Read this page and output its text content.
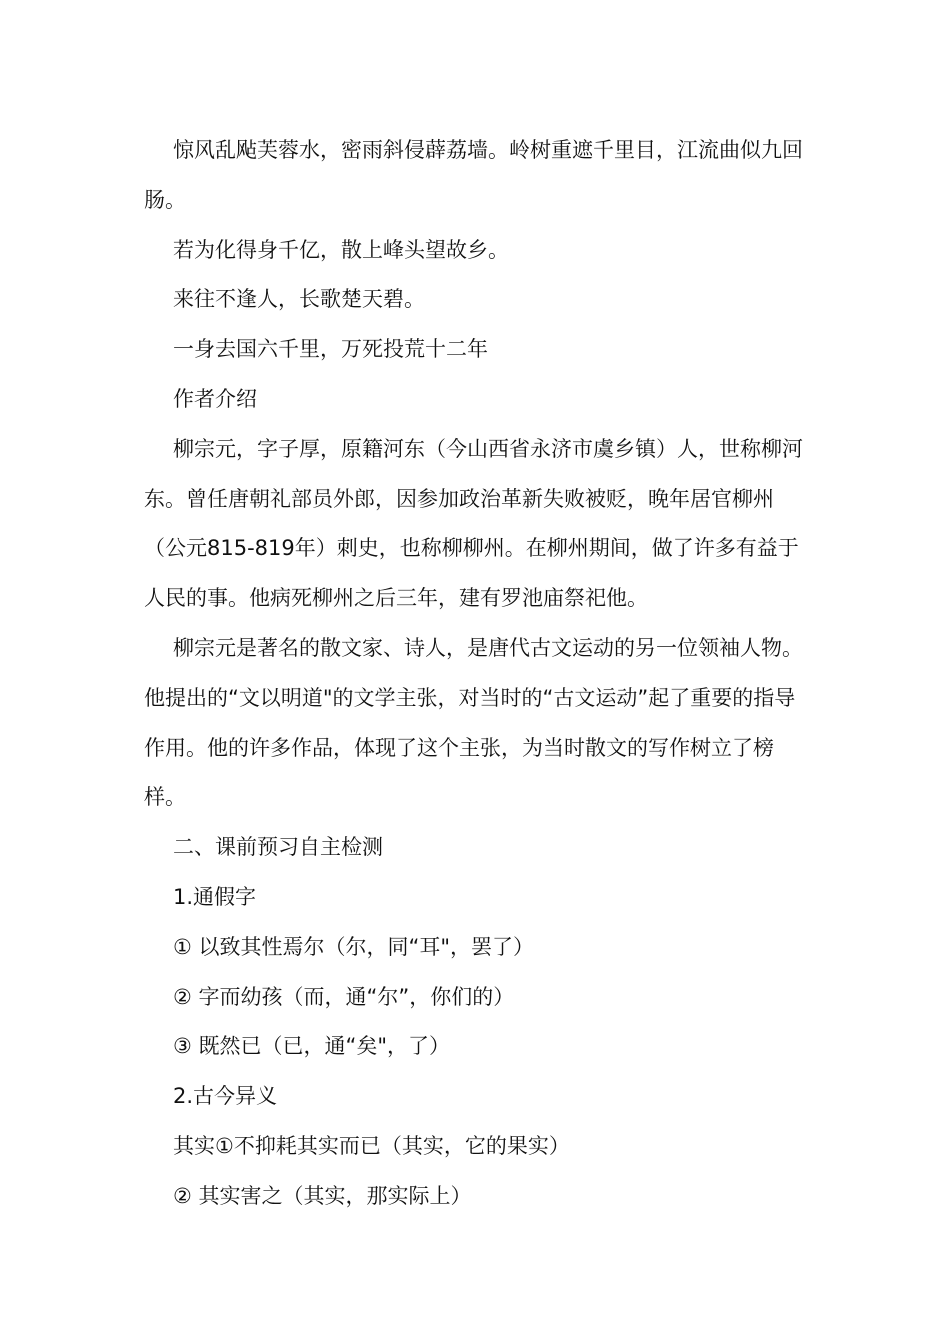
惊风乱飐芙蓉水，密雨斜侵薜荔墙。岭树重遮千里目，江流曲似九回肠。

若为化得身千亿，散上峰头望故乡。

来往不逢人，长歌楚天碧。

一身去国六千里，万死投荒十二年

作者介绍

柳宗元，字子厚，原籍河东（今山西省永济市虞乡镇）人，世称柳河东。曾任唐朝礼部员外郎，因参加政治革新失败被贬，晚年居官柳州（公元815-819年）刺史，也称柳柳州。在柳州期间，做了许多有益于人民的事。他病死柳州之后三年，建有罗池庙祭祀他。

柳宗元是著名的散文家、诗人，是唐代古文运动的另一位领袖人物。他提出的“文以明道"的文学主张，对当时的“古文运动”起了重要的指导作用。他的许多作品，体现了这个主张，为当时散文的写作树立了榜样。

二、课前预习自主检测

1.通假字

① 以致其性焉尔（尔，同“耳"，罢了）

② 字而幼孩（而，通“尔”，你们的）

③ 既然已（已，通“矣"，了）

2.古今异义

其实①不抑耗其实而已（其实，它的果实）

② 其实害之（其实，那实际上）
